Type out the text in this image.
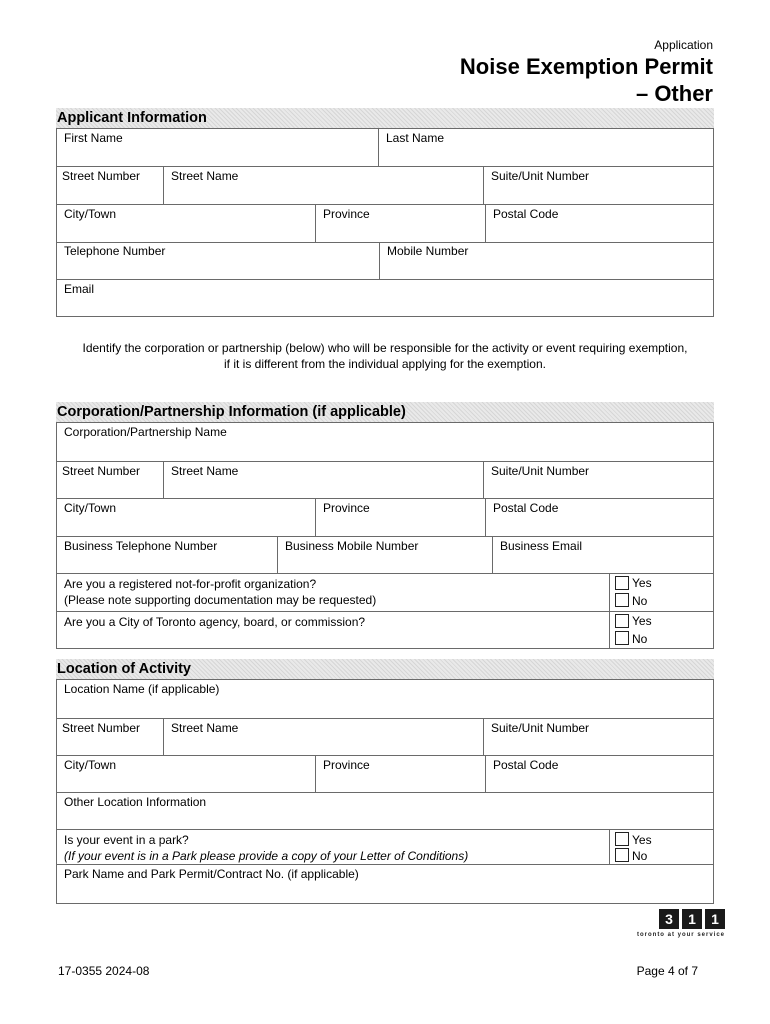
Application
Noise Exemption Permit
– Other
Applicant Information
First Name	Last Name
Street Number	Street Name	Suite/Unit Number
City/Town	Province	Postal Code
Telephone Number	Mobile Number
Email
Identify the corporation or partnership (below) who will be responsible for the activity or event requiring exemption,
if it is different from the individual applying for the exemption.
Corporation/Partnership Information (if applicable)
Corporation/Partnership Name
Street Number	Street Name	Suite/Unit Number
City/Town	Province	Postal Code
Business Telephone Number	Business Mobile Number	Business Email
Are you a registered not-for-profit organization?
(Please note supporting documentation may be requested)
Yes
No
Are you a City of Toronto agency, board, or commission?	Yes
No
Location of Activity
Location Name (if applicable)
Street Number	Street Name	Suite/Unit Number
City/Town	Province	Postal Code
Other Location Information
Is your event in a park?
(If your event is in a Park please provide a copy of your Letter of Conditions)
Yes
No
Park Name and Park Permit/Contract No. (if applicable)
3	1	1
toronto at your service
17-0355 2024-08	Page 4 of 7
